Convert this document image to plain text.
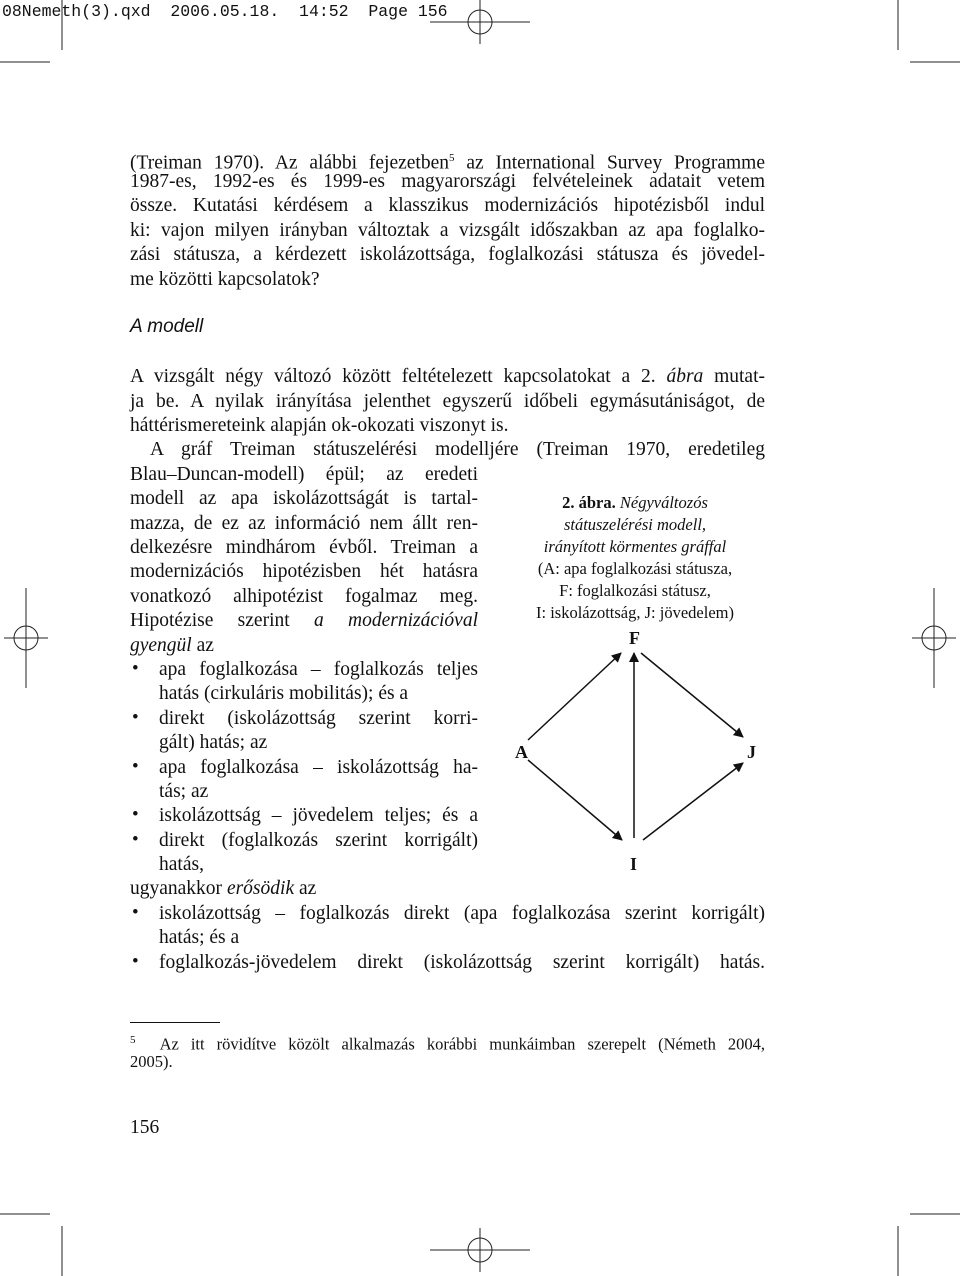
08Nemeth(3).qxd  2006.05.18.  14:52  Page 156
(Treiman 1970). Az alábbi fejezetben$^5$ az International Survey Programme
1987-es, 1992-es és 1999-es magyarországi felvételeinek adatait vetem
össze. Kutatási kérdésem a klasszikus modernizációs hipotézisből indul
ki: vajon milyen irányban változtak a vizsgált időszakban az apa foglalko-
zási státusza, a kérdezett iskolázottsága, foglalkozási státusza és jövedel-
me közötti kapcsolatok?
A modell
A vizsgált négy változó között feltételezett kapcsolatokat a 2. ábra mutat-
ja be. A nyilak irányítása jelenthet egyszerű időbeli egymásutániságot, de
háttérismereteink alapján ok-okozati viszonyt is.
A gráf Treiman státuszelérési modelljére (Treiman 1970, eredetileg
Blau–Duncan-modell) épül; az eredeti
modell az apa iskolázottságát is tartal-
mazza, de ez az információ nem állt ren-
delkezésre mindhárom évből. Treiman a
modernizációs hipotézisben hét hatásra
vonatkozó alhipotézist fogalmaz meg.
Hipotézise szerint a modernizációval
gyengül az
• apa foglalkozása – foglalkozás teljes
hatás (cirkuláris mobilitás); és a
• direkt (iskolázottság szerint korri-
gált) hatás; az
• apa foglalkozása – iskolázottság ha-
tás; az
• iskolázottság – jövedelem teljes; és a
• direkt (foglalkozás szerint korrigált)
hatás,
ugyanakkor erősödik az
• iskolázottság – foglalkozás direkt (apa foglalkozása szerint korrigált)
hatás; és a
• foglalkozás-jövedelem direkt (iskolázottság szerint korrigált) hatás.
2. ábra. Négyváltozós
státuszelérési modell,
irányított körmentes gráffal
(A: apa foglalkozási státusza,
F: foglalkozási státusz,
I: iskolázottság, J: jövedelem)
F
A	J
I
$^5$ Az itt rövidítve közölt alkalmazás korábbi munkáimban szerepelt (Németh 2004,
2005).
156
